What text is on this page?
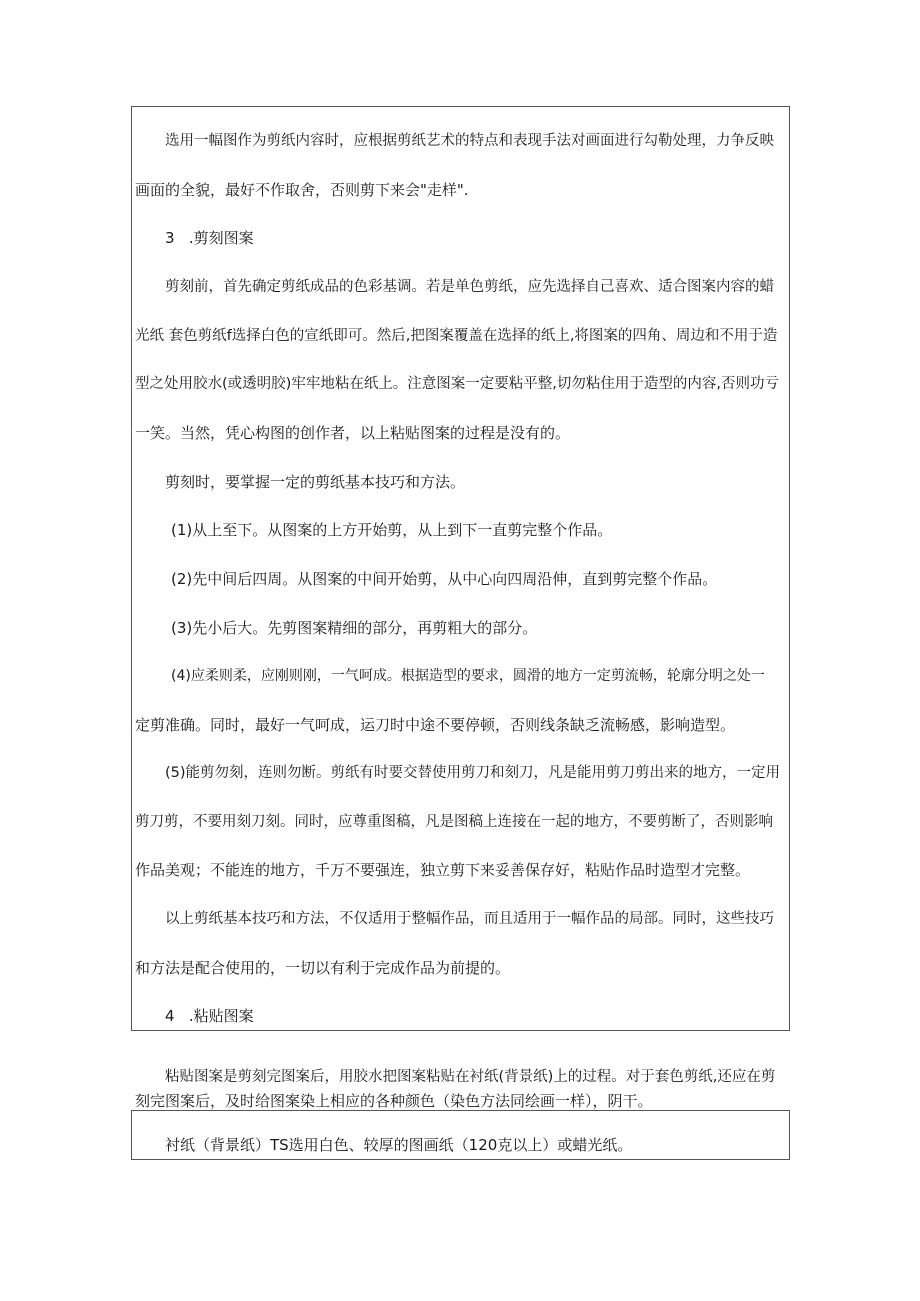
选用一幅图作为剪纸内容时，应根据剪纸艺术的特点和表现手法对画面进行勾勒处理，力争反映

画面的全貌，最好不作取舍，否则剪下来会"走样".

3   .剪刻图案

剪刻前，首先确定剪纸成品的色彩基调。若是单色剪纸，应先选择自己喜欢、适合图案内容的蜡

光纸 套色剪纸f选择白色的宣纸即可。然后,把图案覆盖在选择的纸上,将图案的四角、周边和不用于造

型之处用胶水(或透明胶)牢牢地粘在纸上。注意图案一定要粘平整,切勿粘住用于造型的内容,否则功亏

一笑。当然，凭心构图的创作者，以上粘贴图案的过程是没有的。

剪刻时，要掌握一定的剪纸基本技巧和方法。

(1)从上至下。从图案的上方开始剪，从上到下一直剪完整个作品。

(2)先中间后四周。从图案的中间开始剪，从中心向四周沿伸，直到剪完整个作品。

(3)先小后大。先剪图案精细的部分，再剪粗大的部分。

(4)应柔则柔，应刚则刚，一气呵成。根据造型的要求，圆滑的地方一定剪流畅，轮廓分明之处一

定剪准确。同时，最好一气呵成，运刀时中途不要停顿，否则线条缺乏流畅感，影响造型。

(5)能剪勿刻，连则勿断。剪纸有时要交替使用剪刀和刻刀，凡是能用剪刀剪出来的地方，一定用

剪刀剪，不要用刻刀刻。同时，应尊重图稿，凡是图稿上连接在一起的地方，不要剪断了，否则影响

作品美观；不能连的地方，千万不要强连，独立剪下来妥善保存好，粘贴作品时造型才完整。

以上剪纸基本技巧和方法，不仅适用于整幅作品，而且适用于一幅作品的局部。同时，这些技巧

和方法是配合使用的，一切以有利于完成作品为前提的。

4   .粘贴图案

粘贴图案是剪刻完图案后，用胶水把图案粘贴在衬纸(背景纸)上的过程。对于套色剪纸,还应在剪

刻完图案后，及时给图案染上相应的各种颜色（染色方法同绘画一样），阴干。

衬纸（背景纸）TS选用白色、较厚的图画纸（120克以上）或蜡光纸。
